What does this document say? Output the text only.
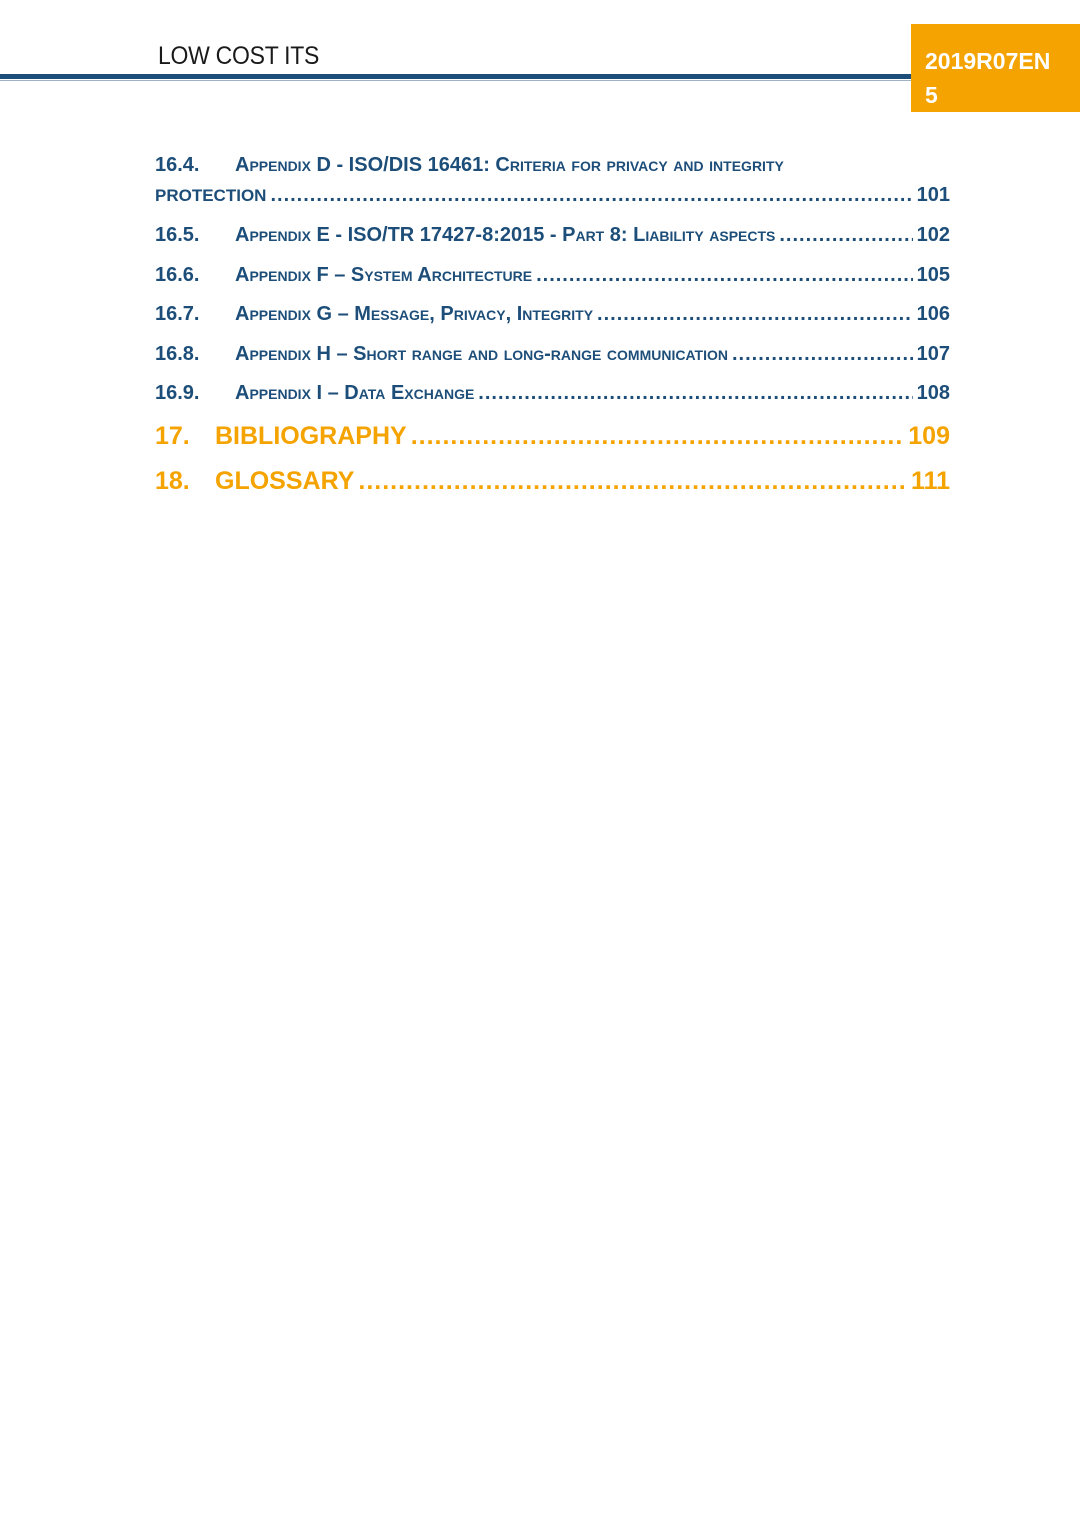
LOW COST ITS	2019R07EN
5
16.4.	Appendix D - ISO/DIS 16461: Criteria for privacy and integrity
PROTECTION .....	101
16.5.	Appendix E - ISO/TR 17427-8:2015 - Part 8: Liability aspects .....	102
16.6.	Appendix F – System Architecture .....	105
16.7.	Appendix G – Message, Privacy, Integrity .....	106
16.8.	Appendix H – Short range and long-range communication .....	107
16.9.	Appendix I – Data Exchange .....	108
17.	BIBLIOGRAPHY .....	109
18.	GLOSSARY .....	111
